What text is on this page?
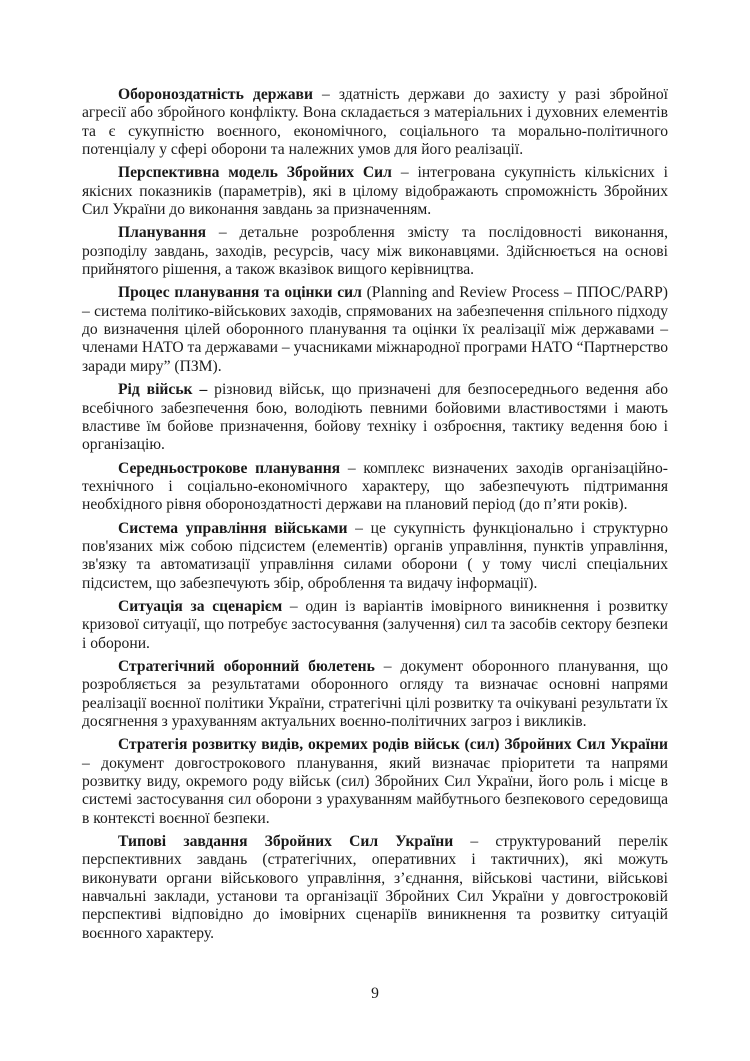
Обороноздатність держави – здатність держави до захисту у разі збройної агресії або збройного конфлікту. Вона складається з матеріальних і духовних елементів та є сукупністю воєнного, економічного, соціального та морально-політичного потенціалу у сфері оборони та належних умов для його реалізації.

Перспективна модель Збройних Сил – інтегрована сукупність кількісних і якісних показників (параметрів), які в цілому відображають спроможність Збройних Сил України до виконання завдань за призначенням.

Планування – детальне розроблення змісту та послідовності виконання, розподілу завдань, заходів, ресурсів, часу між виконавцями. Здійснюється на основі прийнятого рішення, а також вказівок вищого керівництва.

Процес планування та оцінки сил (Planning and Review Process – ППОС/PARP) – система політико-військових заходів, спрямованих на забезпечення спільного підходу до визначення цілей оборонного планування та оцінки їх реалізації між державами – членами НАТО та державами – учасниками міжнародної програми НАТО “Партнерство заради миру” (ПЗМ).

Рід військ – різновид військ, що призначені для безпосереднього ведення або всебічного забезпечення бою, володіють певними бойовими властивостями і мають властиве їм бойове призначення, бойову техніку і озброєння, тактику ведення бою і організацію.

Середньострокове планування – комплекс визначених заходів організаційно-технічного і соціально-економічного характеру, що забезпечують підтримання необхідного рівня обороноздатності держави на плановий період (до п’яти років).

Система управління військами – це сукупність функціонально і структурно пов'язаних між собою підсистем (елементів) органів управління, пунктів управління, зв'язку та автоматизації управління силами оборони ( у тому числі спеціальних підсистем, що забезпечують збір, оброблення та видачу інформації).

Ситуація за сценарієм – один із варіантів імовірного виникнення і розвитку кризової ситуації, що потребує застосування (залучення) сил та засобів сектору безпеки і оборони.

Стратегічний оборонний бюлетень – документ оборонного планування, що розробляється за результатами оборонного огляду та визначає основні напрями реалізації воєнної політики України, стратегічні цілі розвитку та очікувані результати їх досягнення з урахуванням актуальних воєнно-політичних загроз і викликів.

Стратегія розвитку видів, окремих родів військ (сил) Збройних Сил України – документ довгострокового планування, який визначає пріоритети та напрями розвитку виду, окремого роду військ (сил) Збройних Сил України, його роль і місце в системі застосування сил оборони з урахуванням майбутнього безпекового середовища в контексті воєнної безпеки.

Типові завдання Збройних Сил України – структурований перелік перспективних завдань (стратегічних, оперативних і тактичних), які можуть виконувати органи військового управління, з’єднання, військові частини, військові навчальні заклади, установи та організації Збройних Сил України у довгостроковій перспективі відповідно до імовірних сценаріїв виникнення та розвитку ситуацій воєнного характеру.

9
